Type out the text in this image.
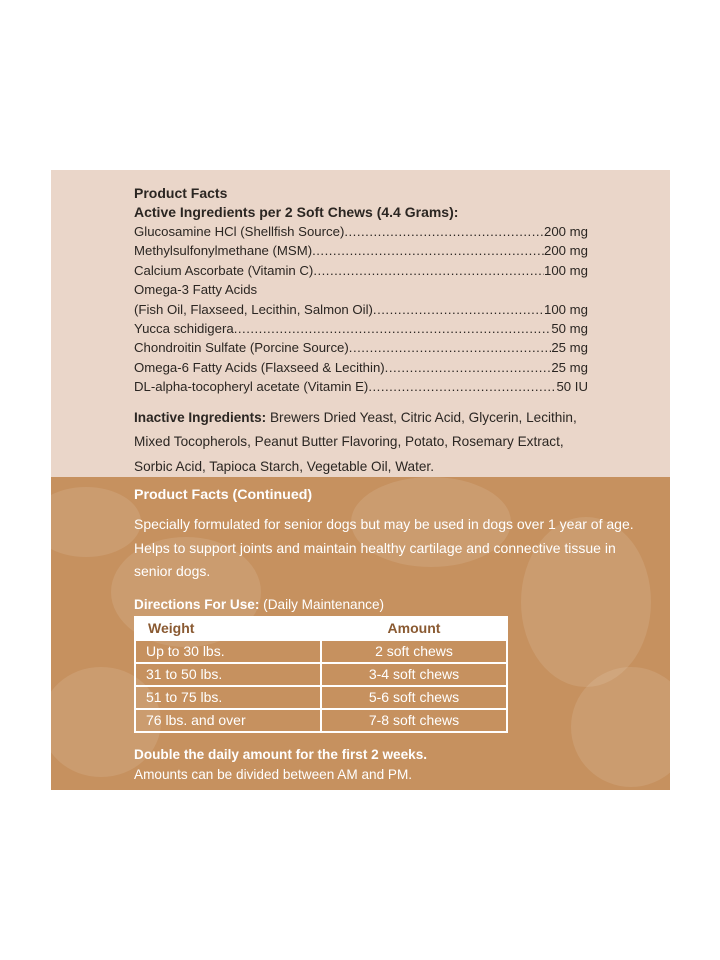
Product Facts
Active Ingredients per 2 Soft Chews (4.4 Grams):
Glucosamine HCl (Shellfish Source) .....	200 mg
Methylsulfonylmethane (MSM) .....	200 mg
Calcium Ascorbate (Vitamin C) .....	100 mg
Omega-3 Fatty Acids
(Fish Oil, Flaxseed, Lecithin, Salmon Oil) .....	100 mg
Yucca schidigera .....	50 mg
Chondroitin Sulfate (Porcine Source) .....	25 mg
Omega-6 Fatty Acids (Flaxseed & Lecithin) .....	25 mg
DL-alpha-tocopheryl acetate (Vitamin E) .....	50 IU
Inactive Ingredients: Brewers Dried Yeast, Citric Acid, Glycerin, Lecithin, Mixed Tocopherols, Peanut Butter Flavoring, Potato, Rosemary Extract, Sorbic Acid, Tapioca Starch, Vegetable Oil, Water.
Product Facts (Continued)
Specially formulated for senior dogs but may be used in dogs over 1 year of age. Helps to support joints and maintain healthy cartilage and connective tissue in senior dogs.
Directions For Use: (Daily Maintenance)
Weight	Amount
Up to 30 lbs.	2 soft chews
31 to 50 lbs.	3-4 soft chews
51 to 75 lbs.	5-6 soft chews
76 lbs. and over	7-8 soft chews
Double the daily amount for the first 2 weeks.
Amounts can be divided between AM and PM.
